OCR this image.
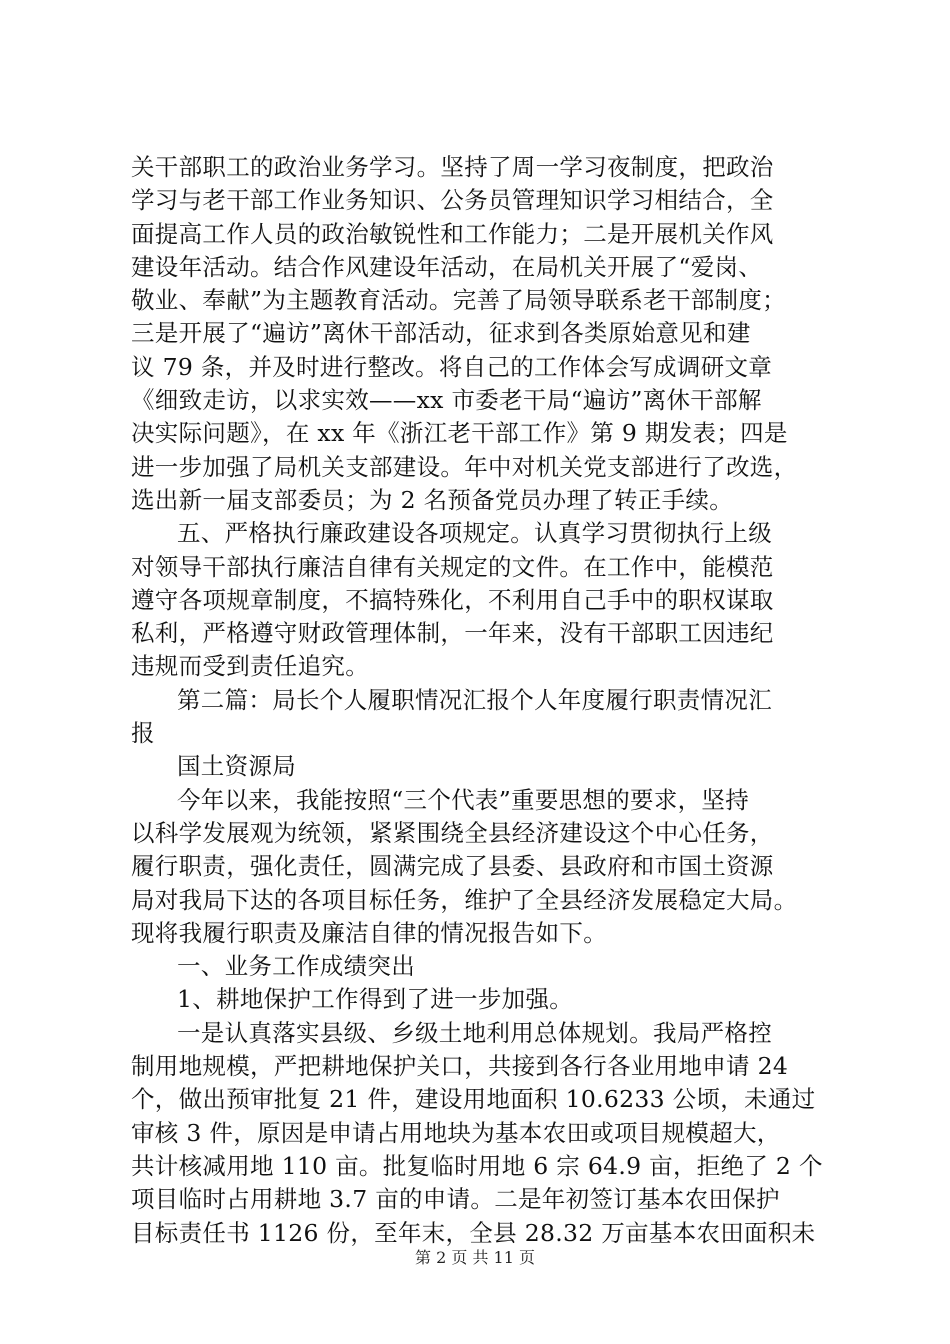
关干部职工的政治业务学习。坚持了周一学习夜制度，把政治
学习与老干部工作业务知识、公务员管理知识学习相结合，全
面提高工作人员的政治敏锐性和工作能力；二是开展机关作风
建设年活动。结合作风建设年活动，在局机关开展了“爱岗、
敬业、奉献”为主题教育活动。完善了局领导联系老干部制度；
三是开展了“遍访”离休干部活动，征求到各类原始意见和建
议 79 条，并及时进行整改。将自己的工作体会写成调研文章
《细致走访，以求实效——xx 市委老干局“遍访”离休干部解
决实际问题》，在 xx 年《浙江老干部工作》第 9 期发表；四是
进一步加强了局机关支部建设。年中对机关党支部进行了改选，
选出新一届支部委员；为 2 名预备党员办理了转正手续。
五、严格执行廉政建设各项规定。认真学习贯彻执行上级
对领导干部执行廉洁自律有关规定的文件。在工作中，能模范
遵守各项规章制度，不搞特殊化，不利用自己手中的职权谋取
私利，严格遵守财政管理体制，一年来，没有干部职工因违纪
违规而受到责任追究。
第二篇：局长个人履职情况汇报个人年度履行职责情况汇
报
国土资源局
今年以来，我能按照“三个代表”重要思想的要求，坚持
以科学发展观为统领，紧紧围绕全县经济建设这个中心任务，
履行职责，强化责任，圆满完成了县委、县政府和市国土资源
局对我局下达的各项目标任务，维护了全县经济发展稳定大局。
现将我履行职责及廉洁自律的情况报告如下。
一、业务工作成绩突出
1、耕地保护工作得到了进一步加强。
一是认真落实县级、乡级土地利用总体规划。我局严格控
制用地规模，严把耕地保护关口，共接到各行各业用地申请 24
个，做出预审批复 21 件，建设用地面积 10.6233 公顷，未通过
审核 3 件，原因是申请占用地块为基本农田或项目规模超大，
共计核减用地 110 亩。批复临时用地 6 宗 64.9 亩，拒绝了 2 个
项目临时占用耕地 3.7 亩的申请。二是年初签订基本农田保护
目标责任书 1126 份，至年末，全县 28.32 万亩基本农田面积未
第 2 页 共 11 页
